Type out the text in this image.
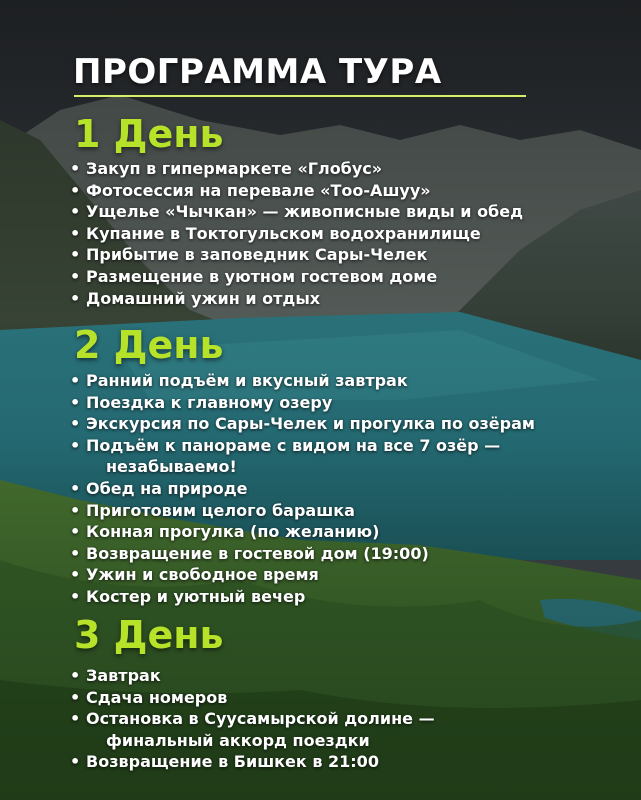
ПРОГРАММА ТУРА
1 День
• Закуп в гипермаркете «Глобус»
• Фотосессия на перевале «Тоо-Ашуу»
• Ущелье «Чычкан» — живописные виды и обед
• Купание в Токтогульском водохранилище
• Прибытие в заповедник Сары-Челек
• Размещение в уютном гостевом доме
• Домашний ужин и отдых
2 День
• Ранний подъём и вкусный завтрак
• Поездка к главному озеру
• Экскурсия по Сары-Челек и прогулка по озёрам
• Подъём к панораме с видом на все 7 озёр —
незабываемо!
• Обед на природе
• Приготовим целого барашка
• Конная прогулка (по желанию)
• Возвращение в гостевой дом (19:00)
• Ужин и свободное время
• Костер и уютный вечер
3 День
• Завтрак
• Сдача номеров
• Остановка в Суусамырской долине —
финальный аккорд поездки
• Возвращение в Бишкек в 21:00
